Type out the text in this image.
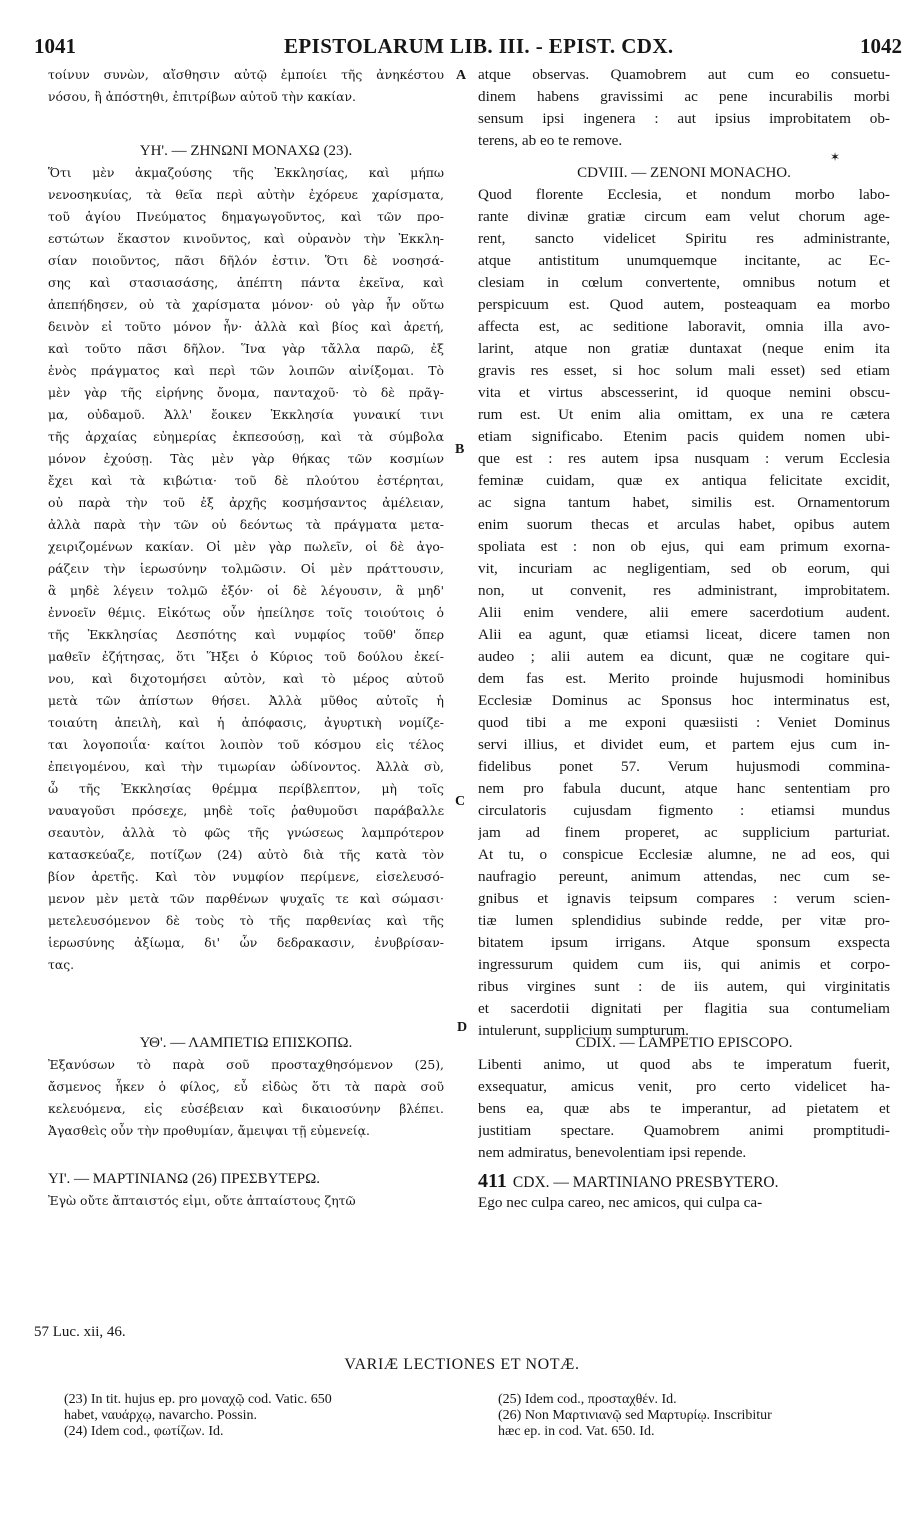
1041	EPISTOLARUM LIB. III. - EPIST. CDX.	1042
τοίνυν συνὼν, αἴσθησιν αὐτῷ ἐμποίει τῆς ἀνηκέστου
νόσου, ἢ ἀπόστηθι, ἐπιτρίβων αὐτοῦ τὴν κακίαν.
ΥΗ'. — ΖΗΝΩΝΙ ΜΟΝΑΧΩ (23).
Ὅτι μὲν ἀκμαζούσης τῆς Ἐκκλησίας, καὶ μήπω
νενοσηκυίας, τὰ θεῖα περὶ αὐτὴν ἐχόρευε χαρίσματα,
τοῦ ἁγίου Πνεύματος δημαγωγοῦντος, καὶ τῶν προ-
εστώτων ἕκαστον κινοῦντος, καὶ οὐρανὸν τὴν Ἐκκλη-
σίαν ποιοῦντος, πᾶσι δῆλόν ἐστιν. Ὅτι δὲ νοσησά-
σης καὶ στασιασάσης, ἀπέπτη πάντα ἐκεῖνα, καὶ
ἀπεπήδησεν, οὐ τὰ χαρίσματα μόνον· οὐ γὰρ ἦν οὕτω
δεινὸν εἰ τοῦτο μόνον ἦν· ἀλλὰ καὶ βίος καὶ ἀρετή,
καὶ τοῦτο πᾶσι δῆλον. Ἵνα γὰρ τἄλλα παρῶ, ἐξ
ἑνὸς πράγματος καὶ περὶ τῶν λοιπῶν αἰνίξομαι. Τὸ
μὲν γὰρ τῆς εἰρήνης ὄνομα, πανταχοῦ· τὸ δὲ πρᾶγ-
μα, οὐδαμοῦ. Ἀλλ' ἔοικεν Ἐκκλησία γυναικί τινι
τῆς ἀρχαίας εὐημερίας ἐκπεσούσῃ, καὶ τὰ σύμβολα
μόνον ἐχούσῃ. Τὰς μὲν γὰρ θήκας τῶν κοσμίων
ἔχει καὶ τὰ κιβώτια· τοῦ δὲ πλούτου ἐστέρηται,
οὐ παρὰ τὴν τοῦ ἐξ ἀρχῆς κοσμήσαντος ἀμέλειαν,
ἀλλὰ παρὰ τὴν τῶν οὐ δεόντως τὰ πράγματα μετα-
χειριζομένων κακίαν. Οἱ μὲν γὰρ πωλεῖν, οἱ δὲ ἀγο-
ράζειν τὴν ἱερωσύνην τολμῶσιν. Οἱ μὲν πράττουσιν,
ἃ μηδὲ λέγειν τολμῶ ἐξόν· οἱ δὲ λέγουσιν, ἃ μηδ'
ἐννοεῖν θέμις. Εἰκότως οὖν ἠπείλησε τοῖς τοιούτοις ὁ
τῆς Ἐκκλησίας Δεσπότης καὶ νυμφίος τοῦθ' ὅπερ
μαθεῖν ἐζήτησας, ὅτι Ἥξει ὁ Κύριος τοῦ δούλου ἐκεί-
νου, καὶ διχοτομήσει αὐτὸν, καὶ τὸ μέρος αὐτοῦ
μετὰ τῶν ἀπίστων θήσει. Ἀλλὰ μῦθος αὐτοῖς ἡ
τοιαύτη ἀπειλὴ, καὶ ἡ ἀπόφασις, ἀγυρτικὴ νομίζε-
ται λογοποιΐα· καίτοι λοιπὸν τοῦ κόσμου εἰς τέλος
ἐπειγομένου, καὶ τὴν τιμωρίαν ὠδίνοντος. Ἀλλὰ σὺ,
ὦ τῆς Ἐκκλησίας θρέμμα περίβλεπτον, μὴ τοῖς
ναυαγοῦσι πρόσεχε, μηδὲ τοῖς ῥαθυμοῦσι παράβαλλε
σεαυτὸν, ἀλλὰ τὸ φῶς τῆς γνώσεως λαμπρότερον
κατασκεύαζε, ποτίζων (24) αὐτὸ διὰ τῆς κατὰ τὸν
βίον ἀρετῆς. Καὶ τὸν νυμφίον περίμενε, εἰσελευσό-
μενον μὲν μετὰ τῶν παρθένων ψυχαῖς τε καὶ σώμασι·
μετελευσόμενον δὲ τοὺς τὸ τῆς παρθενίας καὶ τῆς
ἱερωσύνης ἀξίωμα, δι' ὧν δεδρακασιν, ἐνυβρίσαν-
τας.
ΥΘ'. — ΛΑΜΠΕΤΙΩ ΕΠΙΣΚΟΠΩ.
Ἐξανύσων τὸ παρὰ σοῦ προσταχθησόμενον (25),
ἄσμενος ἧκεν ὁ φίλος, εὖ εἰδὼς ὅτι τὰ παρὰ σοῦ
κελευόμενα, εἰς εὐσέβειαν καὶ δικαιοσύνην βλέπει.
Ἀγασθεὶς οὖν τὴν προθυμίαν, ἄμειψαι τῇ εὐμενείᾳ.
ΥΙ'. — ΜΑΡΤΙΝΙΑΝΩ (26) ΠΡΕΣΒΥΤΕΡΩ.
Ἐγὼ οὔτε ἄπταιστός εἰμι, οὔτε ἀπταίστους ζητῶ
atque observas. Quamobrem aut cum eo consuetu-
dinem habens gravissimi ac pene incurabilis morbi
sensum ipsi ingenera : aut ipsius improbitatem ob-
terens, ab eo te remove.
CDVIII. — ZENONI MONACHO.
Quod florente Ecclesia, et nondum morbo labo-
rante divinæ gratiæ circum eam velut chorum age-
rent, sancto videlicet Spiritu res administrante,
atque antistitum unumquemque incitante, ac Ec-
clesiam in cœlum convertente, omnibus notum et
perspicuum est. Quod autem, posteaquam ea morbo
affecta est, ac seditione laboravit, omnia illa avo-
larint, atque non gratiæ duntaxat (neque enim ita
gravis res esset, si hoc solum mali esset) sed etiam
vita et virtus abscesserint, id quoque nemini obscu-
rum est. Ut enim alia omittam, ex una re cætera
etiam significabo. Etenim pacis quidem nomen ubi-
que est : res autem ipsa nusquam : verum Ecclesia
feminæ cuidam, quæ ex antiqua felicitate excidit,
ac signa tantum habet, similis est. Ornamentorum
enim suorum thecas et arculas habet, opibus autem
spoliata est : non ob ejus, qui eam primum exorna-
vit, incuriam ac negligentiam, sed ob eorum, qui
non, ut convenit, res administrant, improbitatem.
Alii enim vendere, alii emere sacerdotium audent.
Alii ea agunt, quæ etiamsi liceat, dicere tamen non
audeo ; alii autem ea dicunt, quæ ne cogitare qui-
dem fas est. Merito proinde hujusmodi hominibus
Ecclesiæ Dominus ac Sponsus hoc interminatus est,
quod tibi a me exponi quæsiisti : Veniet Dominus
servi illius, et dividet eum, et partem ejus cum in-
fidelibus ponet 57. Verum hujusmodi commina-
nem pro fabula ducunt, atque hanc sententiam pro
circulatoris cujusdam figmento : etiamsi mundus
jam ad finem properet, ac supplicium parturiat.
At tu, o conspicue Ecclesiæ alumne, ne ad eos, qui
naufragio pereunt, animum attendas, nec cum se-
gnibus et ignavis teipsum compares : verum scien-
tiæ lumen splendidius subinde redde, per vitæ pro-
bitatem ipsum irrigans. Atque sponsum exspecta
ingressurum quidem cum iis, qui animis et corpo-
ribus virgines sunt : de iis autem, qui virginitatis
et sacerdotii dignitati per flagitia sua contumeliam
intulerunt, supplicium sumpturum.
CDIX. — LAMPETIO EPISCOPO.
Libenti animo, ut quod abs te imperatum fuerit,
exsequatur, amicus venit, pro certo videlicet ha-
bens ea, quæ abs te imperantur, ad pietatem et
justitiam spectare. Quamobrem animi promptitudi-
nem admiratus, benevolentiam ipsi repende.
411 CDX. — MARTINIANO PRESBYTERO.
Ego nec culpa careo, nec amicos, qui culpa ca-
A
B
C
D
✶
57 Luc. xii, 46.
VARIÆ LECTIONES ET NOTÆ.
(23) In tit. hujus ep. pro μοναχῷ cod. Vatic. 650
habet, ναυάρχῳ, navarcho. Possin.
(24) Idem cod., φωτίζων. Id.
(25) Idem cod., προσταχθέν. Id.
(26) Non Μαρτινιανῷ sed Μαρτυρίῳ. Inscribitur
hæc ep. in cod. Vat. 650. Id.
